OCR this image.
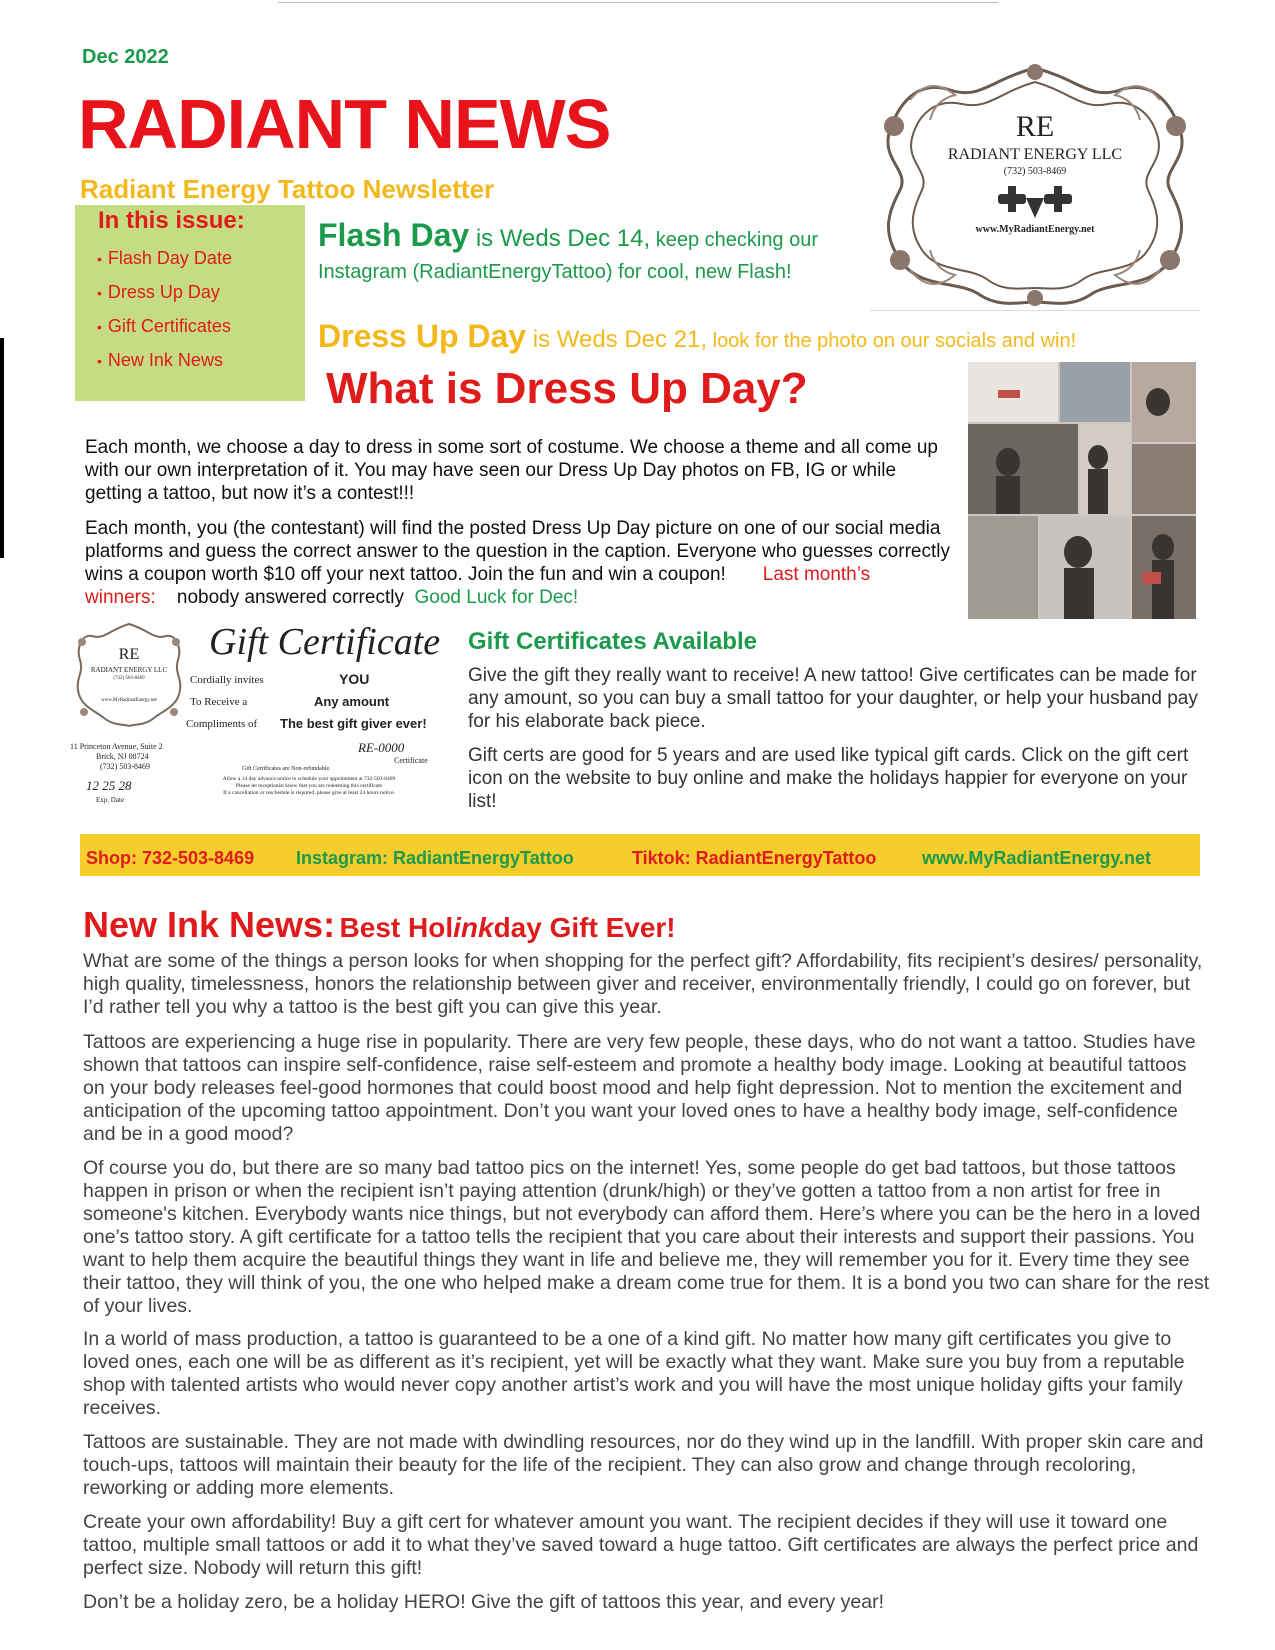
Dec 2022
RADIANT NEWS
Radiant Energy Tattoo Newsletter
In this issue:
• Flash Day Date
• Dress Up Day
• Gift Certificates
• New Ink News
Flash Day is Weds Dec 14, keep checking our Instagram (RadiantEnergyTattoo) for cool, new Flash!
Dress Up Day is Weds Dec 21, look for the photo on our socials and win!
RE
RADIANT ENERGY LLC
(732) 503-8469
www.MyRadiantEnergy.net
What is Dress Up Day?
Each month, we choose a day to dress in some sort of costume. We choose a theme and all come up with our own interpretation of it. You may have seen our Dress Up Day photos on FB, IG or while getting a tattoo, but now it’s a contest!!!
Each month, you (the contestant) will find the posted Dress Up Day picture on one of our social media platforms and guess the correct answer to the question in the caption. Everyone who guesses correctly wins a coupon worth $10 off your next tattoo. Join the fun and win a coupon! Last month’s winners: nobody answered correctly Good Luck for Dec!
RE
RADIANT ENERGY LLC
(732) 503-8469
www.MyRadiantEnergy.net
Gift Certificate
Cordially invites	YOU
To Receive a	Any amount
Compliments of The best gift giver ever!
RE-0000
Certificate
11 Princeton Avenue, Suite 2
Brick, NJ 08724
(732) 503-8469
12 25 28
Exp. Date
Gift Certificates are Non-refundable.
Allow a 14 day advance notice to schedule your appointment at 732-503-8469
Please let receptionist know that you are redeeming this certificate
If a cancellation or reschedule is required, please give at least 24 hours notice.
Gift Certificates Available
Give the gift they really want to receive! A new tattoo! Give certificates can be made for any amount, so you can buy a small tattoo for your daughter, or help your husband pay for his elaborate back piece.
Gift certs are good for 5 years and are used like typical gift cards. Click on the gift cert icon on the website to buy online and make the holidays happier for everyone on your list!
Shop: 732-503-8469 Instagram: RadiantEnergyTattoo	Tiktok: RadiantEnergyTattoo	www.MyRadiantEnergy.net
New Ink News: Best Holinkday Gift Ever!
What are some of the things a person looks for when shopping for the perfect gift? Affordability, fits recipient’s desires/ personality, high quality, timelessness, honors the relationship between giver and receiver, environmentally friendly, I could go on forever, but I’d rather tell you why a tattoo is the best gift you can give this year.
Tattoos are experiencing a huge rise in popularity. There are very few people, these days, who do not want a tattoo. Studies have shown that tattoos can inspire self-confidence, raise self-esteem and promote a healthy body image. Looking at beautiful tattoos on your body releases feel-good hormones that could boost mood and help fight depression. Not to mention the excitement and anticipation of the upcoming tattoo appointment. Don’t you want your loved ones to have a healthy body image, self-confidence and be in a good mood?
Of course you do, but there are so many bad tattoo pics on the internet! Yes, some people do get bad tattoos, but those tattoos happen in prison or when the recipient isn’t paying attention (drunk/high) or they’ve gotten a tattoo from a non artist for free in someone's kitchen. Everybody wants nice things, but not everybody can afford them. Here’s where you can be the hero in a loved one’s tattoo story. A gift certificate for a tattoo tells the recipient that you care about their interests and support their passions. You want to help them acquire the beautiful things they want in life and believe me, they will remember you for it. Every time they see their tattoo, they will think of you, the one who helped make a dream come true for them. It is a bond you two can share for the rest of your lives.
In a world of mass production, a tattoo is guaranteed to be a one of a kind gift. No matter how many gift certificates you give to loved ones, each one will be as different as it’s recipient, yet will be exactly what they want. Make sure you buy from a reputable shop with talented artists who would never copy another artist’s work and you will have the most unique holiday gifts your family receives.
Tattoos are sustainable. They are not made with dwindling resources, nor do they wind up in the landfill. With proper skin care and touch-ups, tattoos will maintain their beauty for the life of the recipient. They can also grow and change through recoloring, reworking or adding more elements.
Create your own affordability! Buy a gift cert for whatever amount you want. The recipient decides if they will use it toward one tattoo, multiple small tattoos or add it to what they’ve saved toward a huge tattoo. Gift certificates are always the perfect price and perfect size. Nobody will return this gift!
Don’t be a holiday zero, be a holiday HERO! Give the gift of tattoos this year, and every year!
